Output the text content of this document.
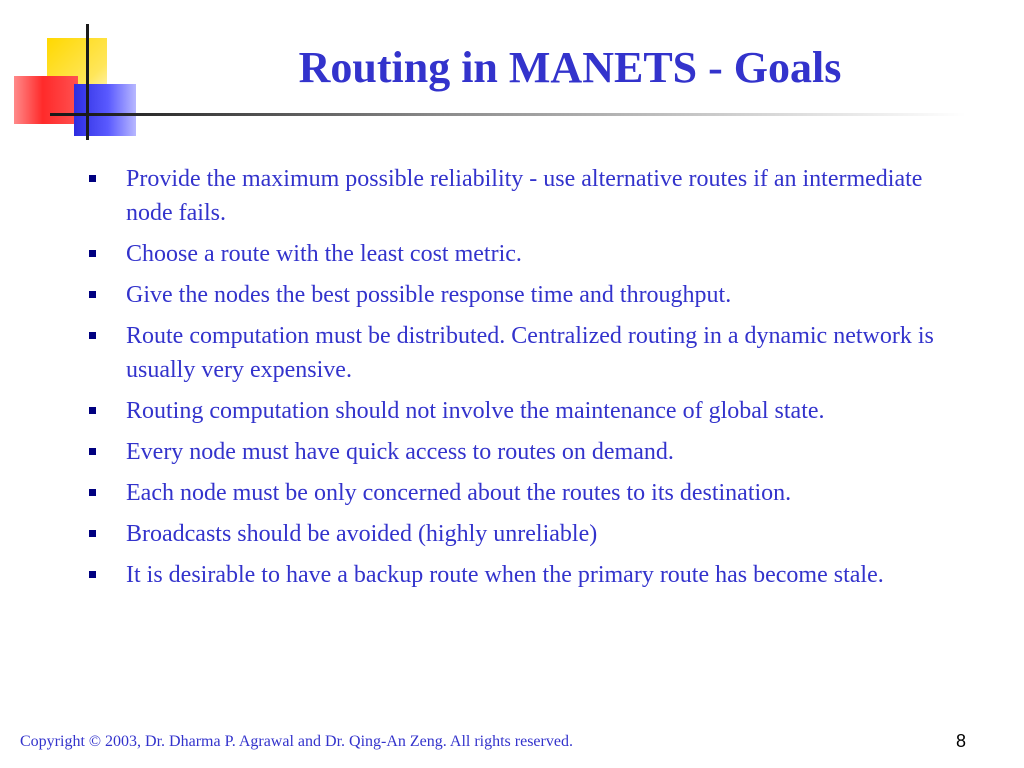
Routing in MANETS - Goals
Provide the maximum possible reliability - use alternative routes if an intermediate node fails.
Choose a route with the least cost metric.
Give the nodes the best possible response time and throughput.
Route computation must be distributed. Centralized routing in a dynamic network is usually very expensive.
Routing computation should not involve the maintenance of global state.
Every node must have quick access to routes on demand.
Each node must be only concerned about the routes to its destination.
Broadcasts should be avoided (highly unreliable)
It is desirable to have a backup route when the primary route has become stale.
Copyright © 2003, Dr. Dharma P. Agrawal and Dr. Qing-An Zeng. All rights reserved.	8
